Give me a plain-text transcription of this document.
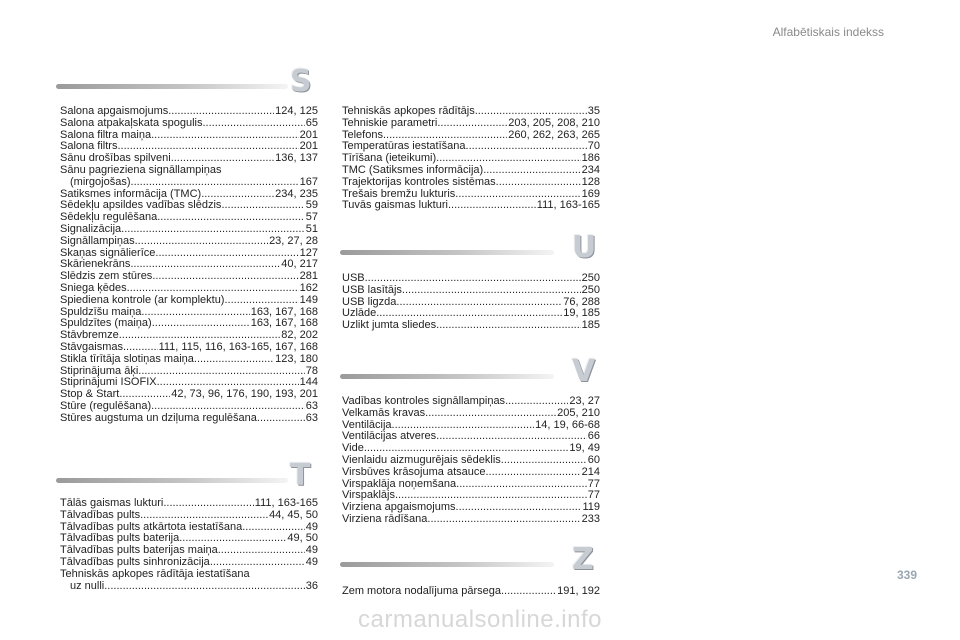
Alfabētiskais indekss
S
Salona apgaismojums .....	124, 125
Salona atpakaļskata spogulis .....	65
Salona filtra maiņa .....	201
Salona filtrs .....	201
Sānu drošības spilveni .....	136, 137
Sānu pagrieziena signāllampiņas
(mirgojošas) .....	167
Satiksmes informācija (TMC) .....	234, 235
Sēdekļu apsildes vadības slēdzis .....	59
Sēdekļu regulēšana .....	57
Signalizācija .....	51
Signāllampiņas .....	23, 27, 28
Skaņas signālierīce .....	127
Skārienekrāns .....	40, 217
Slēdzis zem stūres .....	281
Sniega ķēdes .....	162
Spiediena kontrole (ar komplektu) .....	149
Spuldzīšu maiņa .....	163, 167, 168
Spuldzītes (maiņa) .....	163, 167, 168
Stāvbremze .....	82, 202
Stāvgaismas .....	111, 115, 116, 163-165, 167, 168
Stikla tīrītāja slotiņas maiņa .....	123, 180
Stiprinājuma āķi .....	78
Stiprinājumi ISOFIX .....	144
Stop & Start .....	42, 73, 96, 176, 190, 193, 201
Stūre (regulēšana) .....	63
Stūres augstuma un dziļuma regulēšana .....	63
T
Tālās gaismas lukturi .....	111, 163-165
Tālvadības pults .....	44, 45, 50
Tālvadības pults atkārtota iestatīšana .....	49
Tālvadības pults baterija .....	49, 50
Tālvadības pults baterijas maiņa .....	49
Tālvadības pults sinhronizācija .....	49
Tehniskās apkopes rādītāja iestatīšana
uz nulli .....	36
Tehniskās apkopes rādītājs .....	35
Tehniskie parametri .....	203, 205, 208, 210
Telefons .....	260, 262, 263, 265
Temperatūras iestatīšana .....	70
Tīrīšana (ieteikumi) .....	186
TMC (Satiksmes informācija) .....	234
Trajektorijas kontroles sistēmas .....	128
Trešais bremžu lukturis .....	169
Tuvās gaismas lukturi .....	111, 163-165
U
USB .....	250
USB lasītājs .....	250
USB ligzda .....	76, 288
Uzlāde .....	19, 185
Uzlikt jumta sliedes .....	185
V
Vadības kontroles signāllampiņas .....	23, 27
Velkamās kravas .....	205, 210
Ventilācija .....	14, 19, 66-68
Ventilācijas atveres .....	66
Vide .....	19, 49
Vienlaidu aizmugurējais sēdeklis .....	60
Virsbūves krāsojuma atsauce .....	214
Virspaklāja noņemšana .....	77
Virspaklājs .....	77
Virziena apgaismojums .....	119
Virziena rādīšana .....	233
Z
Zem motora nodalījuma pārsega .....	191, 192
339
carmanualsonline.info
